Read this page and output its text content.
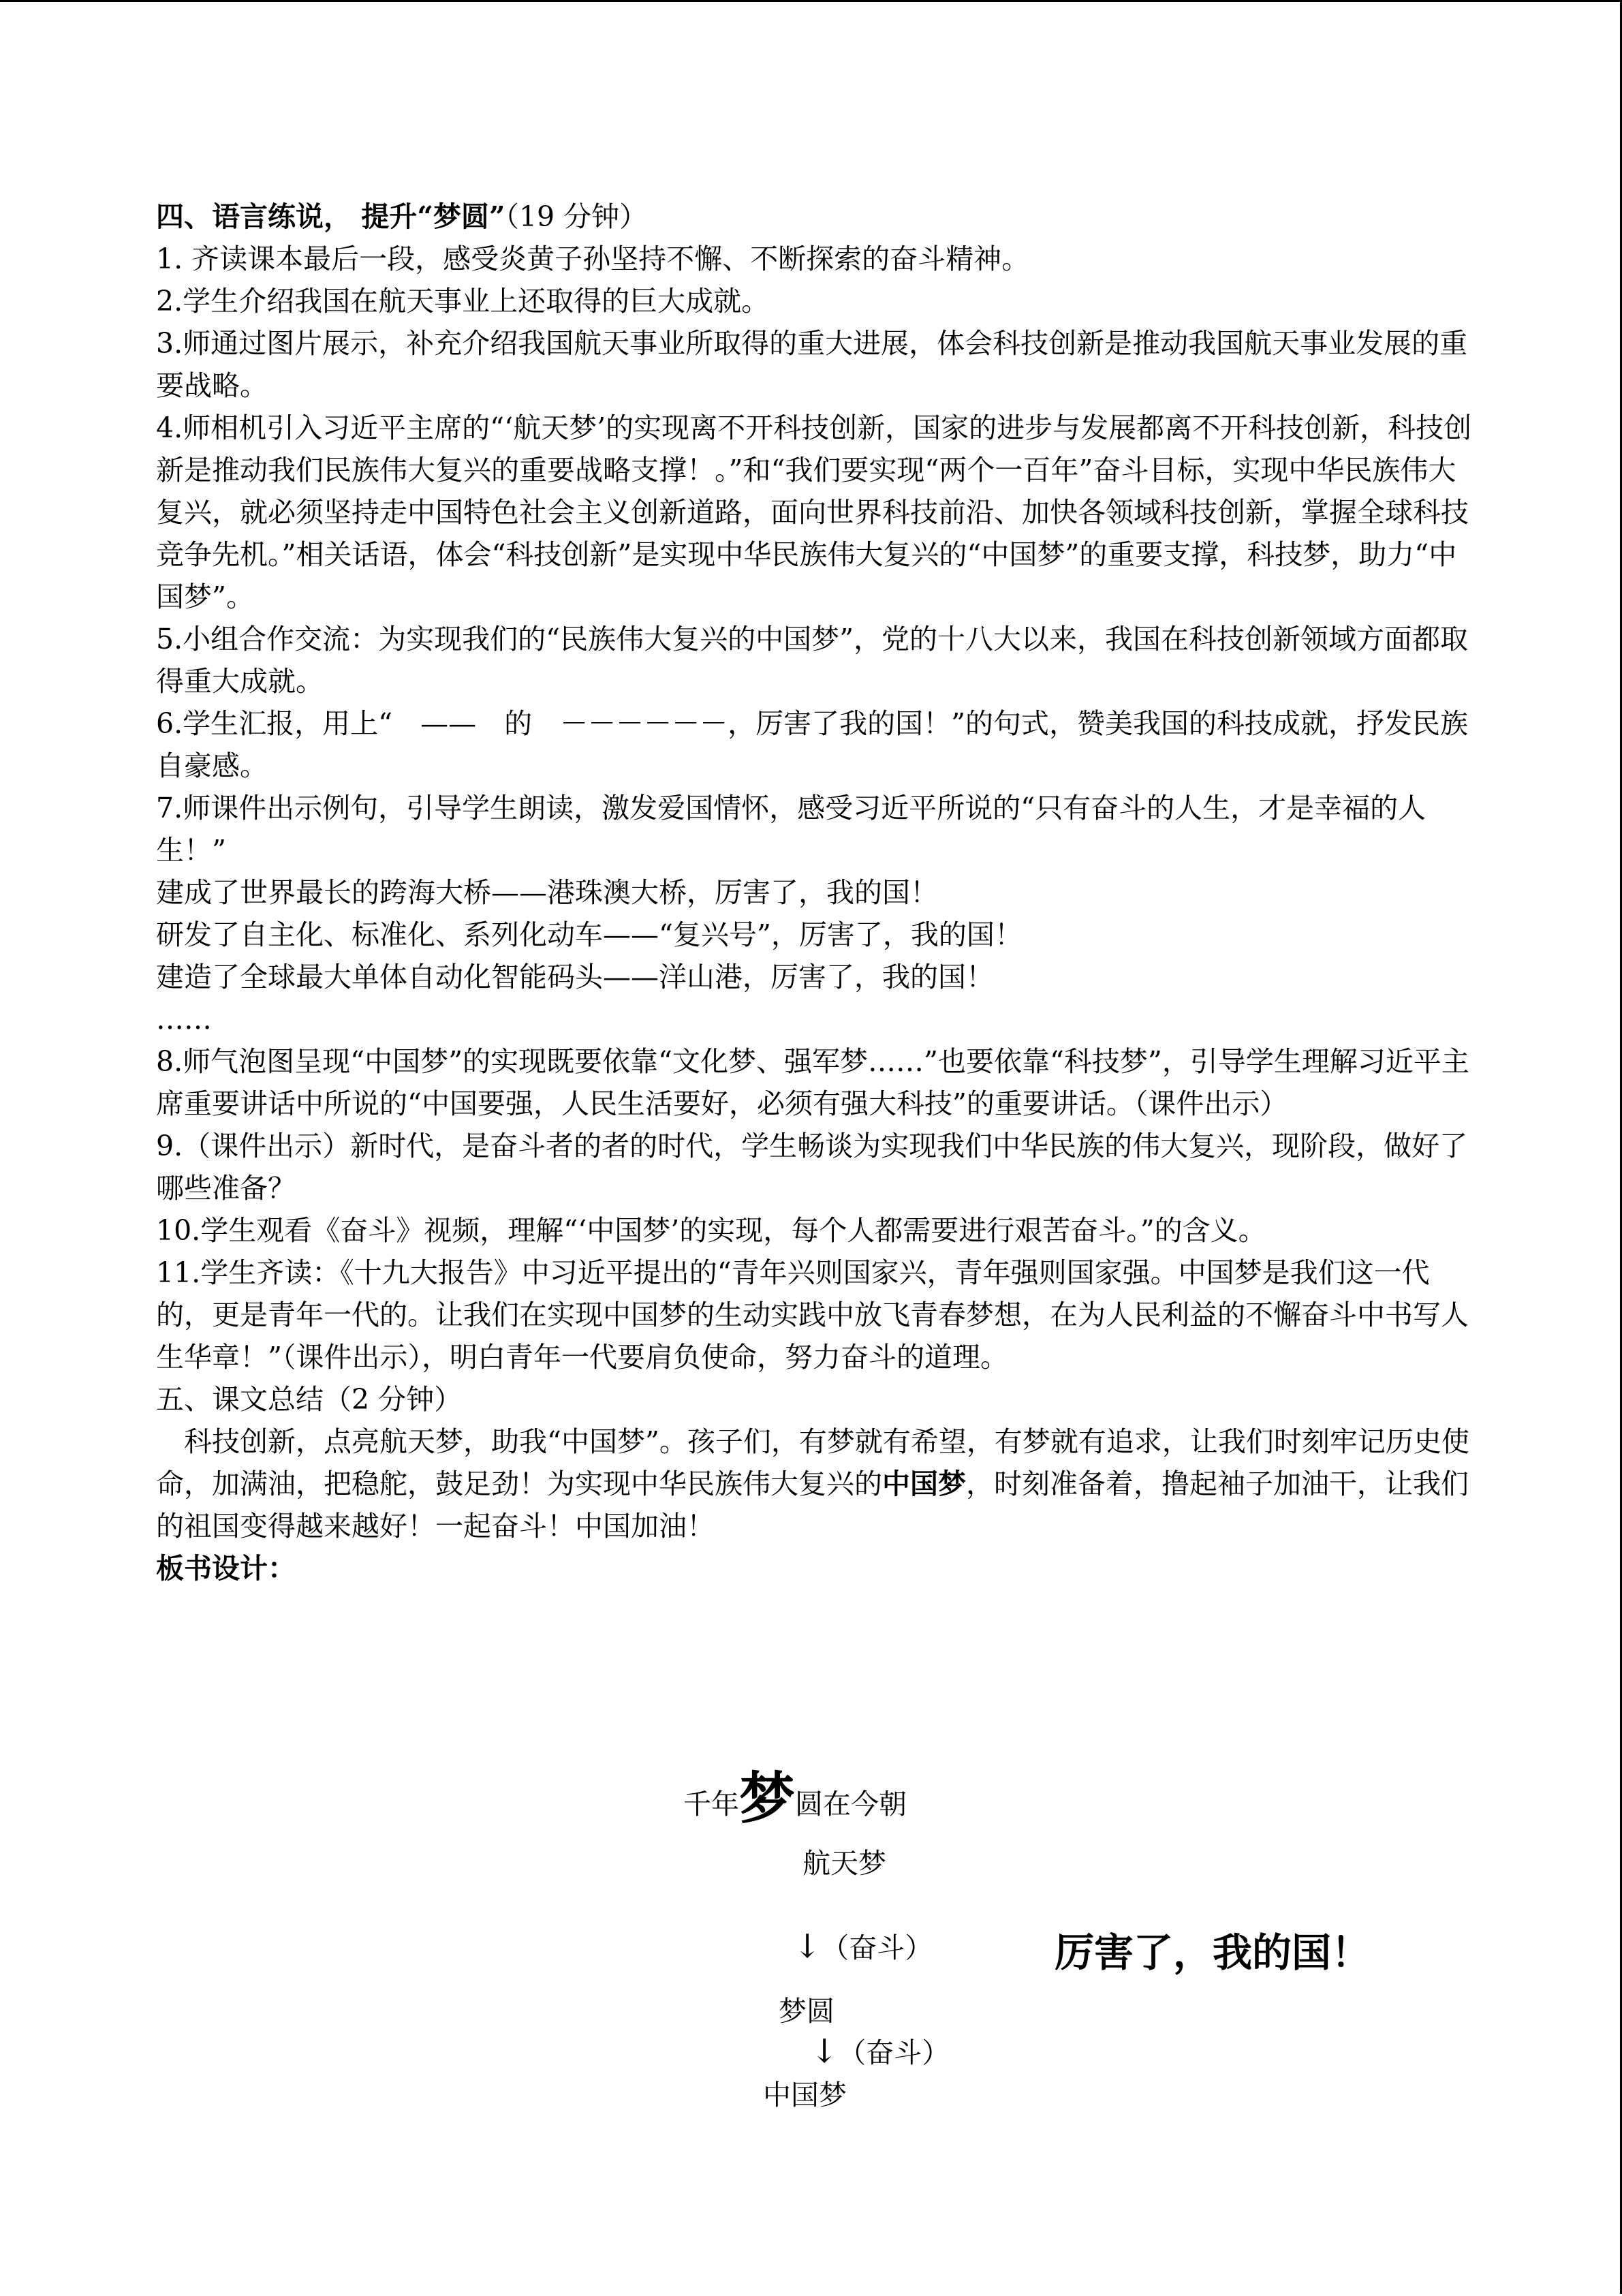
四、语言练说， 提升“梦圆”（19 分钟）

1. 齐读课本最后一段，感受炎黄子孙坚持不懈、不断探索的奋斗精神。

2.学生介绍我国在航天事业上还取得的巨大成就。

3.师通过图片展示，补充介绍我国航天事业所取得的重大进展，体会科技创新是推动我国航天事业发展的重要战略。

4.师相机引入习近平主席的“‘航天梦’的实现离不开科技创新，国家的进步与发展都离不开科技创新，科技创新是推动我们民族伟大复兴的重要战略支撑！。”和“我们要实现“两个一百年”奋斗目标，实现中华民族伟大复兴，就必须坚持走中国特色社会主义创新道路，面向世界科技前沿、加快各领域科技创新，掌握全球科技竞争先机。”相关话语，体会“科技创新”是实现中华民族伟大复兴的“中国梦”的重要支撑，科技梦，助力“中国梦”。

5.小组合作交流：为实现我们的“民族伟大复兴的中国梦”，党的十八大以来，我国在科技创新领域方面都取得重大成就。

6.学生汇报，用上“　——　的　－－－－－－，厉害了我的国！”的句式，赞美我国的科技成就，抒发民族自豪感。

7.师课件出示例句，引导学生朗读，激发爱国情怀，感受习近平所说的“只有奋斗的人生，才是幸福的人生！”

建成了世界最长的跨海大桥——港珠澳大桥，厉害了，我的国！

研发了自主化、标准化、系列化动车——“复兴号”，厉害了，我的国！

建造了全球最大单体自动化智能码头——洋山港，厉害了，我的国！

……

8.师气泡图呈现“中国梦”的实现既要依靠“文化梦、强军梦……”也要依靠“科技梦”，引导学生理解习近平主席重要讲话中所说的“中国要强，人民生活要好，必须有强大科技”的重要讲话。（课件出示）

9.（课件出示）新时代，是奋斗者的者的时代，学生畅谈为实现我们中华民族的伟大复兴，现阶段，做好了哪些准备？

10.学生观看《奋斗》视频，理解“‘中国梦’的实现，每个人都需要进行艰苦奋斗。”的含义。

11.学生齐读：《十九大报告》中习近平提出的“青年兴则国家兴，青年强则国家强。中国梦是我们这一代的，更是青年一代的。让我们在实现中国梦的生动实践中放飞青春梦想，在为人民利益的不懈奋斗中书写人生华章！”（课件出示），明白青年一代要肩负使命，努力奋斗的道理。

五、课文总结（2 分钟）

科技创新，点亮航天梦，助我“中国梦”。孩子们，有梦就有希望，有梦就有追求，让我们时刻牢记历史使命，加满油，把稳舵，鼓足劲！为实现中华民族伟大复兴的中国梦，时刻准备着，撸起袖子加油干，让我们的祖国变得越来越好！一起奋斗！中国加油！

板书设计：

千年梦圆在今朝
航天梦
↓（奋斗）	厉害了，我的国！
梦圆
↓（奋斗）
中国梦
